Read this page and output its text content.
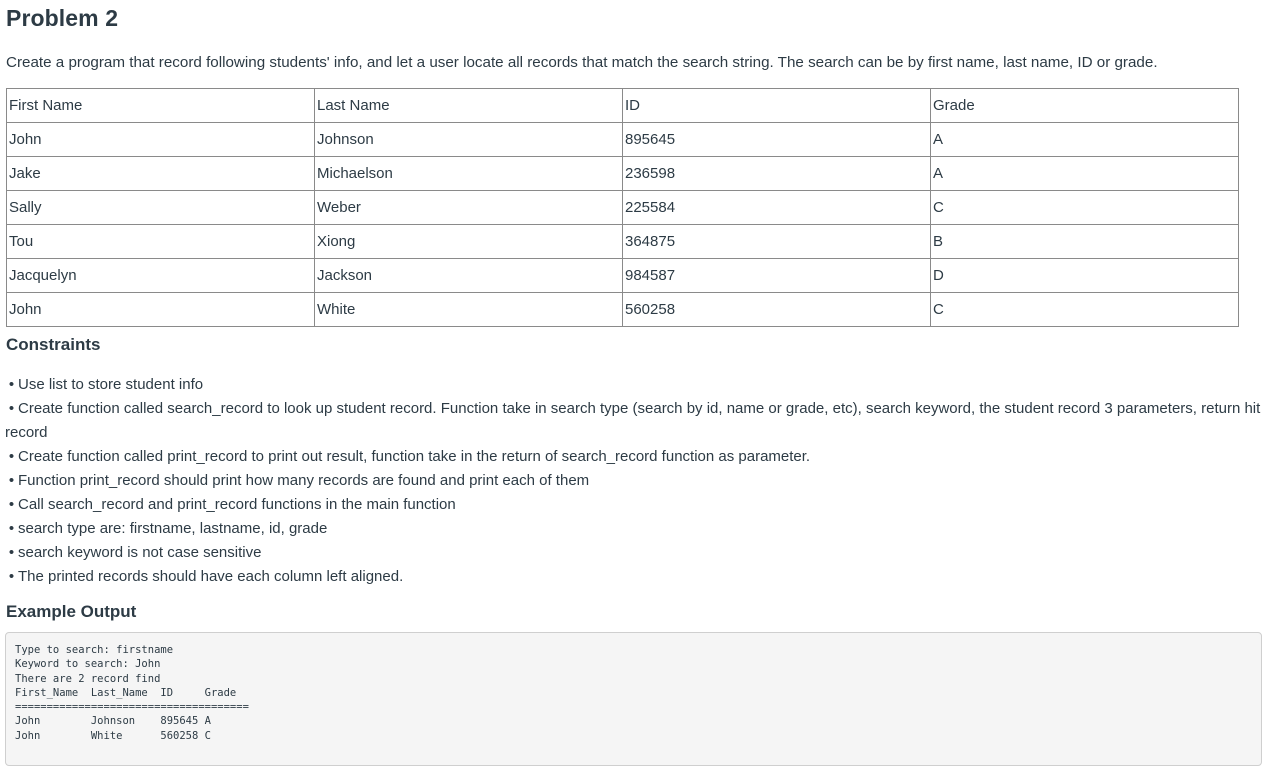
Problem 2

Create a program that record following students' info, and let a user locate all records that match the search string. The search can be by first name, last name, ID or grade.

First Name	Last Name	ID	Grade
John	Johnson	895645	A
Jake	Michaelson	236598	A
Sally	Weber	225584	C
Tou	Xiong	364875	B
Jacquelyn	Jackson	984587	D
John	White	560258	C
Constraints

• Use list to store student info

• Create function called search_record to look up student record. Function take in search type (search by id, name or grade, etc), search keyword, the student record 3 parameters, return hit record

• Create function called print_record to print out result, function take in the return of search_record function as parameter.

• Function print_record should print how many records are found and print each of them

• Call search_record and print_record functions in the main function

• search type are: firstname, lastname, id, grade

• search keyword is not case sensitive

• The printed records should have each column left aligned.

Example Output
Type to search: firstname
Keyword to search: John
There are 2 record find
First_Name  Last_Name  ID     Grade
=====================================
John        Johnson    895645 A
John        White      560258 C
